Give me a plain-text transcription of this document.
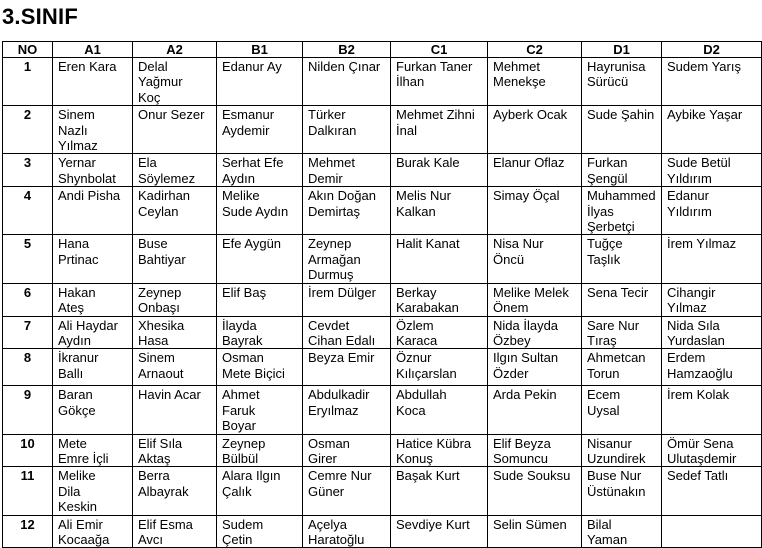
3.SINIF
NO	A1	A2	B1	B2	C1	C2	D1	D2
1	Eren Kara	Delal
Yağmur
Koç	Edanur Ay	Nilden Çınar	Furkan Taner
İlhan	Mehmet
Menekşe	Hayrunisa
Sürücü	Sudem Yarış

2	Sinem
Nazlı
Yılmaz	Onur Sezer	Esmanur
Aydemir	Türker
Dalkıran	Mehmet Zihni
İnal	Ayberk Ocak	Sude Şahin	Aybike Yaşar

3	Yernar
Shynbolat	Ela
Söylemez	Serhat Efe
Aydın	Mehmet
Demir	Burak Kale	Elanur Oflaz	Furkan
Şengül	Sude Betül
Yıldırım

4	Andi Pisha	Kadirhan
Ceylan	Melike
Sude Aydın	Akın Doğan
Demirtaş	Melis Nur
Kalkan	Simay Öçal	Muhammed
İlyas
Şerbetçi	Edanur
Yıldırım

5	Hana
Prtinac	Buse
Bahtiyar	Efe Aygün	Zeynep
Armağan
Durmuş	Halit Kanat	Nisa Nur
Öncü	Tuğçe
Taşlık	İrem Yılmaz

6	Hakan
Ateş	Zeynep
Onbaşı	Elif Baş	İrem Dülger	Berkay
Karabakan	Melike Melek
Önem	Sena Tecir	Cihangir
Yılmaz

7	Ali Haydar
Aydın	Xhesika
Hasa	İlayda
Bayrak	Cevdet
Cihan Edalı	Özlem
Karaca	Nida İlayda
Özbey	Sare Nur
Tıraş	Nida Sıla
Yurdaslan

8	İkranur
Ballı	Sinem
Arnaout	Osman
Mete Biçici	Beyza Emir	Öznur
Kılıçarslan	Ilgın Sultan
Özder	Ahmetcan
Torun	Erdem
Hamzaoğlu

9	Baran
Gökçe	Havin Acar	Ahmet
Faruk
Boyar	Abdulkadir
Eryılmaz	Abdullah
Koca	Arda Pekin	Ecem
Uysal	İrem Kolak

10	Mete
Emre İçli	Elif Sıla
Aktaş	Zeynep
Bülbül	Osman
Girer	Hatice Kübra
Konuş	Elif Beyza
Somuncu	Nisanur
Uzundirek	Ömür Sena
Ulutaşdemir

11	Melike
Dila
Keskin	Berra
Albayrak	Alara Ilgın
Çalık	Cemre Nur
Güner	Başak Kurt	Sude Souksu	Buse Nur
Üstünakın	Sedef Tatlı

12	Ali Emir
Kocaağa	Elif Esma
Avcı	Sudem
Çetin	Açelya
Haratoğlu	Sevdiye Kurt	Selin Sümen	Bilal
Yaman	
